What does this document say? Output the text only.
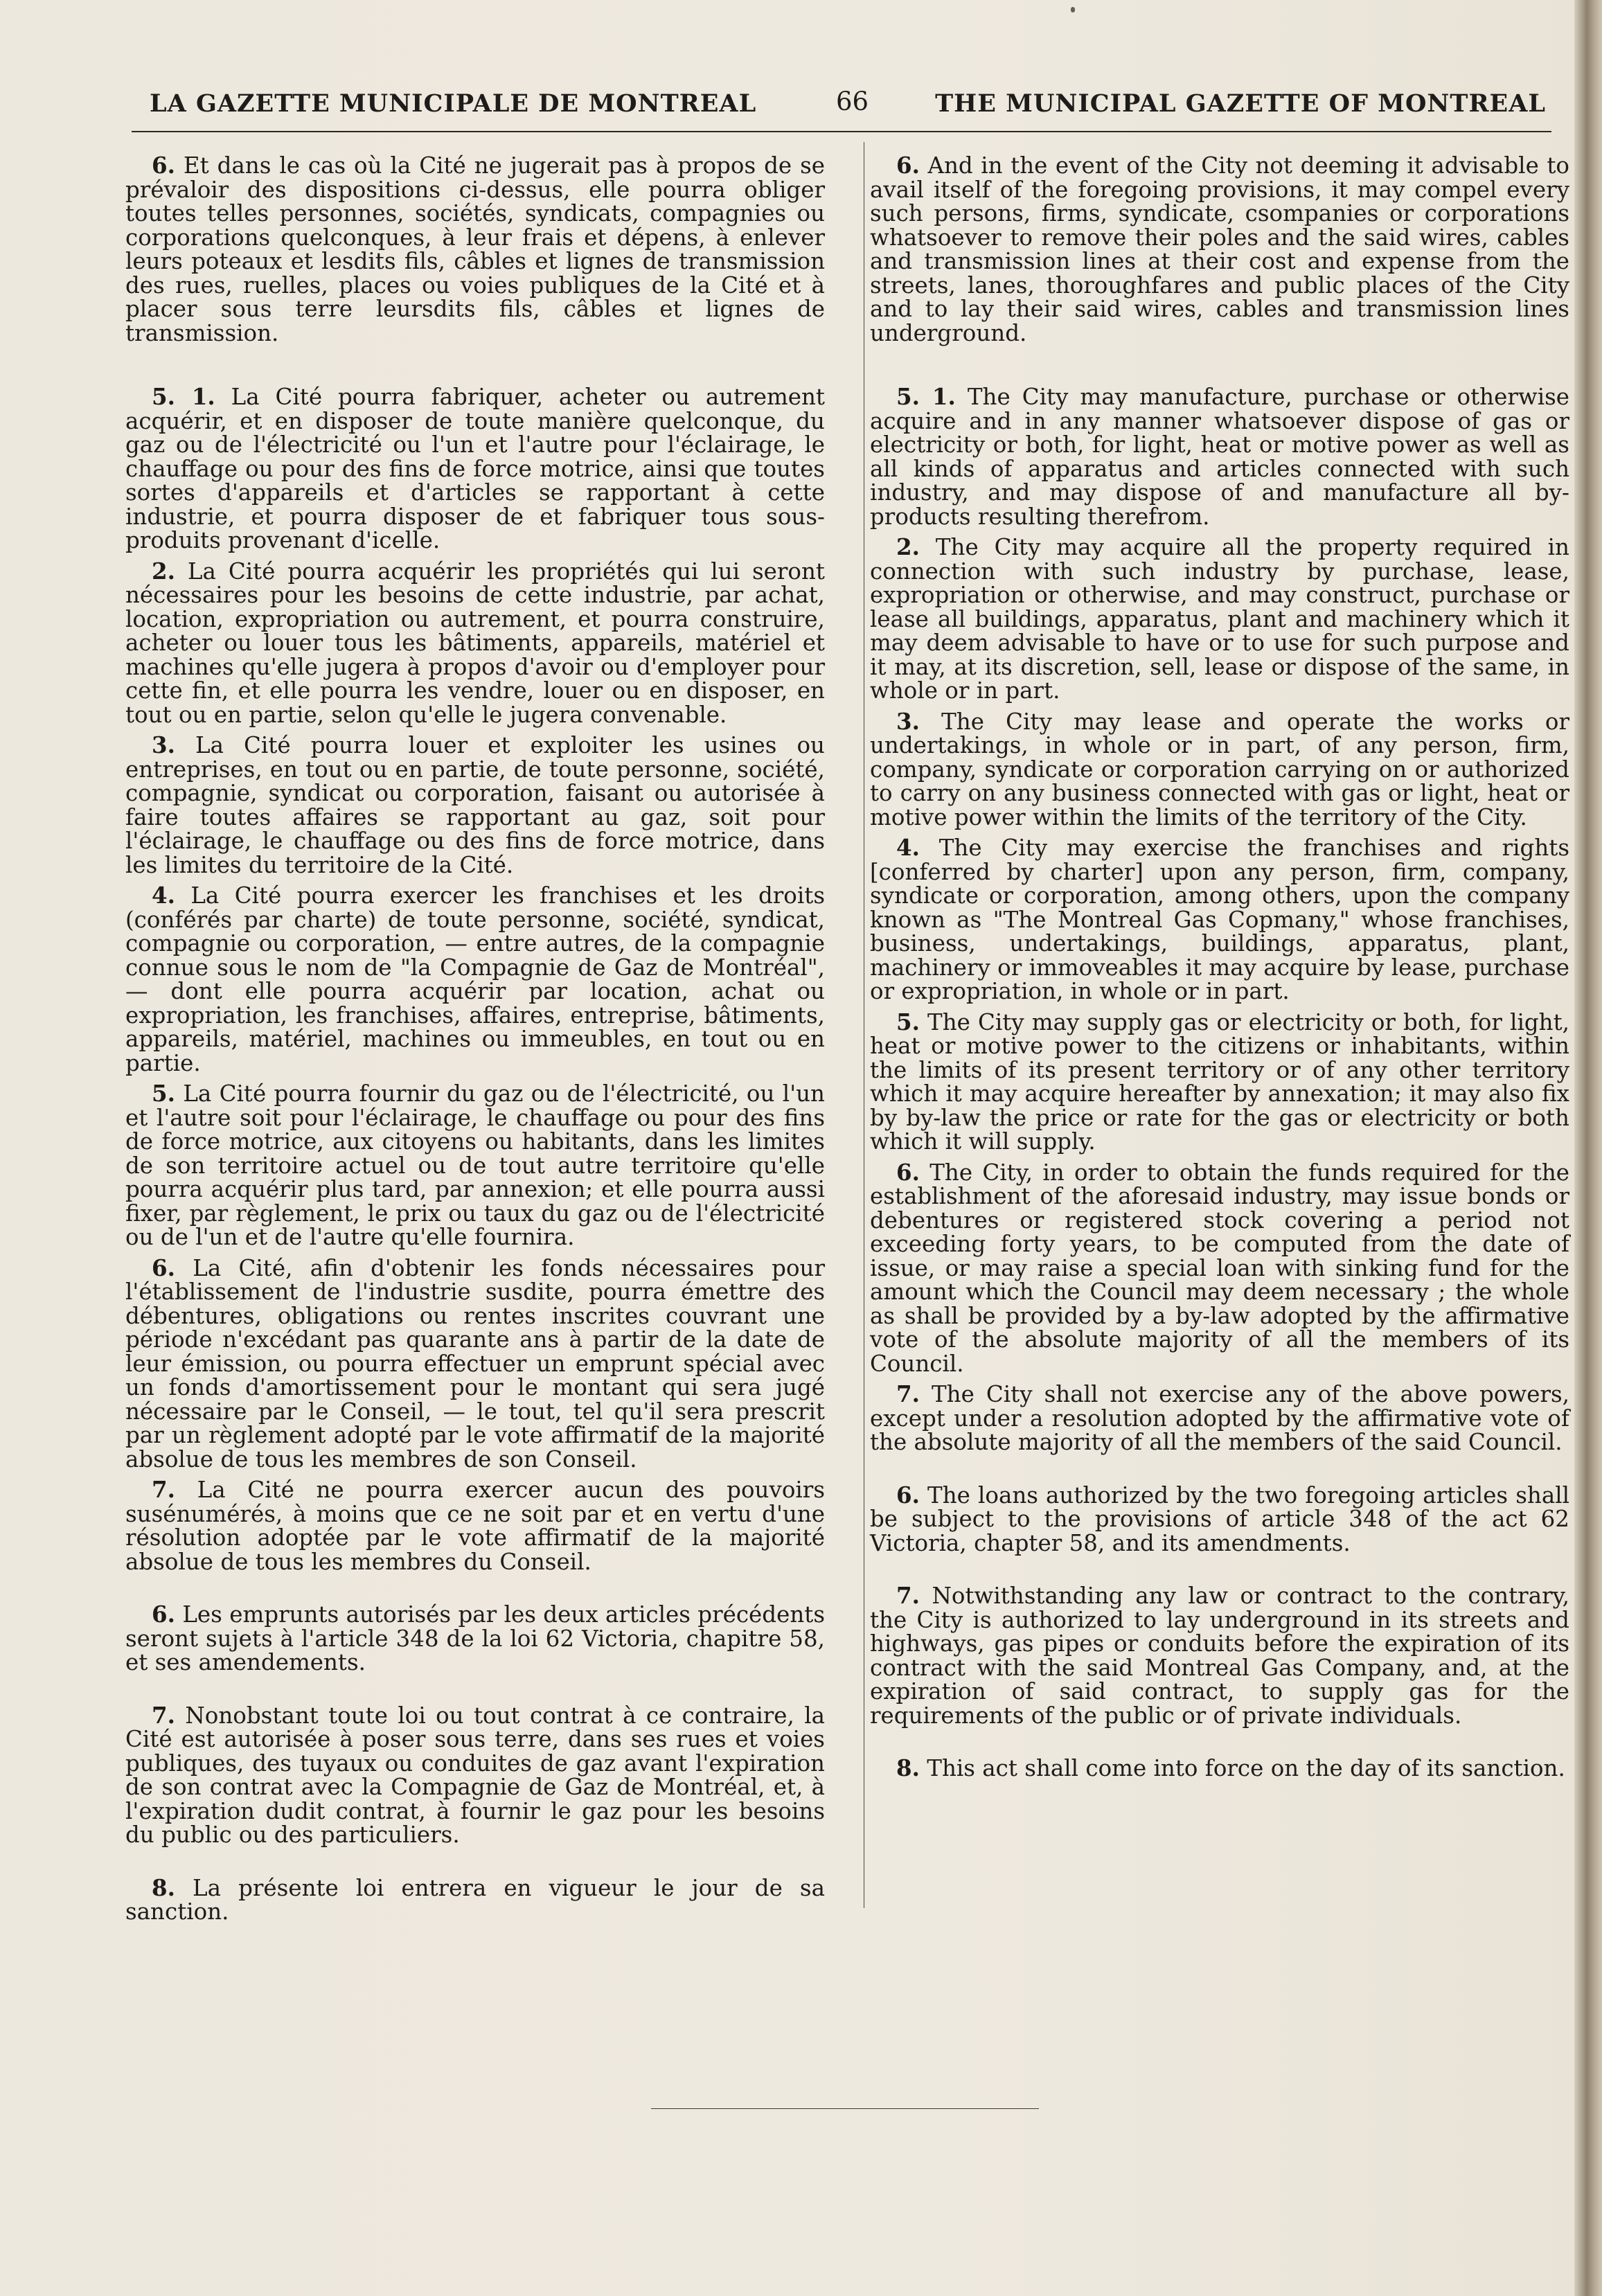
LA GAZETTE MUNICIPALE DE MONTREAL	66	THE MUNICIPAL GAZETTE OF MONTREAL

6. Et dans le cas où la Cité ne jugerait pas à propos de se prévaloir des dispositions ci-dessus, elle pourra obliger toutes telles personnes, sociétés, syndicats, compagnies ou corporations quelconques, à leur frais et dépens, à enlever leurs poteaux et lesdits fils, câbles et lignes de transmission des rues, ruelles, places ou voies publiques de la Cité et à placer sous terre leursdits fils, câbles et lignes de transmission.

5. 1. La Cité pourra fabriquer, acheter ou autrement acquérir, et en disposer de toute manière quelconque, du gaz ou de l'électricité ou l'un et l'autre pour l'éclairage, le chauffage ou pour des fins de force motrice, ainsi que toutes sortes d'appareils et d'articles se rapportant à cette industrie, et pourra disposer de et fabriquer tous sous-produits provenant d'icelle.

2. La Cité pourra acquérir les propriétés qui lui seront nécessaires pour les besoins de cette industrie, par achat, location, expropriation ou autrement, et pourra construire, acheter ou louer tous les bâtiments, appareils, matériel et machines qu'elle jugera à propos d'avoir ou d'employer pour cette fin, et elle pourra les vendre, louer ou en disposer, en tout ou en partie, selon qu'elle le jugera convenable.

3. La Cité pourra louer et exploiter les usines ou entreprises, en tout ou en partie, de toute personne, société, compagnie, syndicat ou corporation, faisant ou autorisée à faire toutes affaires se rapportant au gaz, soit pour l'éclairage, le chauffage ou des fins de force motrice, dans les limites du territoire de la Cité.

4. La Cité pourra exercer les franchises et les droits (conférés par charte) de toute personne, société, syndicat, compagnie ou corporation, — entre autres, de la compagnie connue sous le nom de "la Compagnie de Gaz de Montréal", — dont elle pourra acquérir par location, achat ou expropriation, les franchises, affaires, entreprise, bâtiments, appareils, matériel, machines ou immeubles, en tout ou en partie.

5. La Cité pourra fournir du gaz ou de l'électricité, ou l'un et l'autre soit pour l'éclairage, le chauffage ou pour des fins de force motrice, aux citoyens ou habitants, dans les limites de son territoire actuel ou de tout autre territoire qu'elle pourra acquérir plus tard, par annexion; et elle pourra aussi fixer, par règlement, le prix ou taux du gaz ou de l'électricité ou de l'un et de l'autre qu'elle fournira.

6. La Cité, afin d'obtenir les fonds nécessaires pour l'établissement de l'industrie susdite, pourra émettre des débentures, obligations ou rentes inscrites couvrant une période n'excédant pas quarante ans à partir de la date de leur émission, ou pourra effectuer un emprunt spécial avec un fonds d'amortissement pour le montant qui sera jugé nécessaire par le Conseil, — le tout, tel qu'il sera prescrit par un règlement adopté par le vote affirmatif de la majorité absolue de tous les membres de son Conseil.

7. La Cité ne pourra exercer aucun des pouvoirs susénumérés, à moins que ce ne soit par et en vertu d'une résolution adoptée par le vote affirmatif de la majorité absolue de tous les membres du Conseil.

6. Les emprunts autorisés par les deux articles précédents seront sujets à l'article 348 de la loi 62 Victoria, chapitre 58, et ses amendements.

7. Nonobstant toute loi ou tout contrat à ce contraire, la Cité est autorisée à poser sous terre, dans ses rues et voies publiques, des tuyaux ou conduites de gaz avant l'expiration de son contrat avec la Compagnie de Gaz de Montréal, et, à l'expiration dudit contrat, à fournir le gaz pour les besoins du public ou des particuliers.

8. La présente loi entrera en vigueur le jour de sa sanction.

6. And in the event of the City not deeming it advisable to avail itself of the foregoing provisions, it may compel every such persons, firms, syndicate, csompanies or corporations whatsoever to remove their poles and the said wires, cables and transmission lines at their cost and expense from the streets, lanes, thoroughfares and public places of the City and to lay their said wires, cables and transmission lines underground.

5. 1. The City may manufacture, purchase or otherwise acquire and in any manner whatsoever dispose of gas or electricity or both, for light, heat or motive power as well as all kinds of apparatus and articles connected with such industry, and may dispose of and manufacture all by-products resulting therefrom.

2. The City may acquire all the property required in connection with such industry by purchase, lease, expropriation or otherwise, and may construct, purchase or lease all buildings, apparatus, plant and machinery which it may deem advisable to have or to use for such purpose and it may, at its discretion, sell, lease or dispose of the same, in whole or in part.

3. The City may lease and operate the works or undertakings, in whole or in part, of any person, firm, company, syndicate or corporation carrying on or authorized to carry on any business connected with gas or light, heat or motive power within the limits of the territory of the City.

4. The City may exercise the franchises and rights [conferred by charter] upon any person, firm, company, syndicate or corporation, among others, upon the company known as "The Montreal Gas Copmany," whose franchises, business, undertakings, buildings, apparatus, plant, machinery or immoveables it may acquire by lease, purchase or expropriation, in whole or in part.

5. The City may supply gas or electricity or both, for light, heat or motive power to the citizens or inhabitants, within the limits of its present territory or of any other territory which it may acquire hereafter by annexation; it may also fix by by-law the price or rate for the gas or electricity or both which it will supply.

6. The City, in order to obtain the funds required for the establishment of the aforesaid industry, may issue bonds or debentures or registered stock covering a period not exceeding forty years, to be computed from the date of issue, or may raise a special loan with sinking fund for the amount which the Council may deem necessary ; the whole as shall be provided by a by-law adopted by the affirmative vote of the absolute majority of all the members of its Council.

7. The City shall not exercise any of the above powers, except under a resolution adopted by the affirmative vote of the absolute majority of all the members of the said Council.

6. The loans authorized by the two foregoing articles shall be subject to the provisions of article 348 of the act 62 Victoria, chapter 58, and its amendments.

7. Notwithstanding any law or contract to the contrary, the City is authorized to lay underground in its streets and highways, gas pipes or conduits before the expiration of its contract with the said Montreal Gas Company, and, at the expiration of said contract, to supply gas for the requirements of the public or of private individuals.

8. This act shall come into force on the day of its sanction.
